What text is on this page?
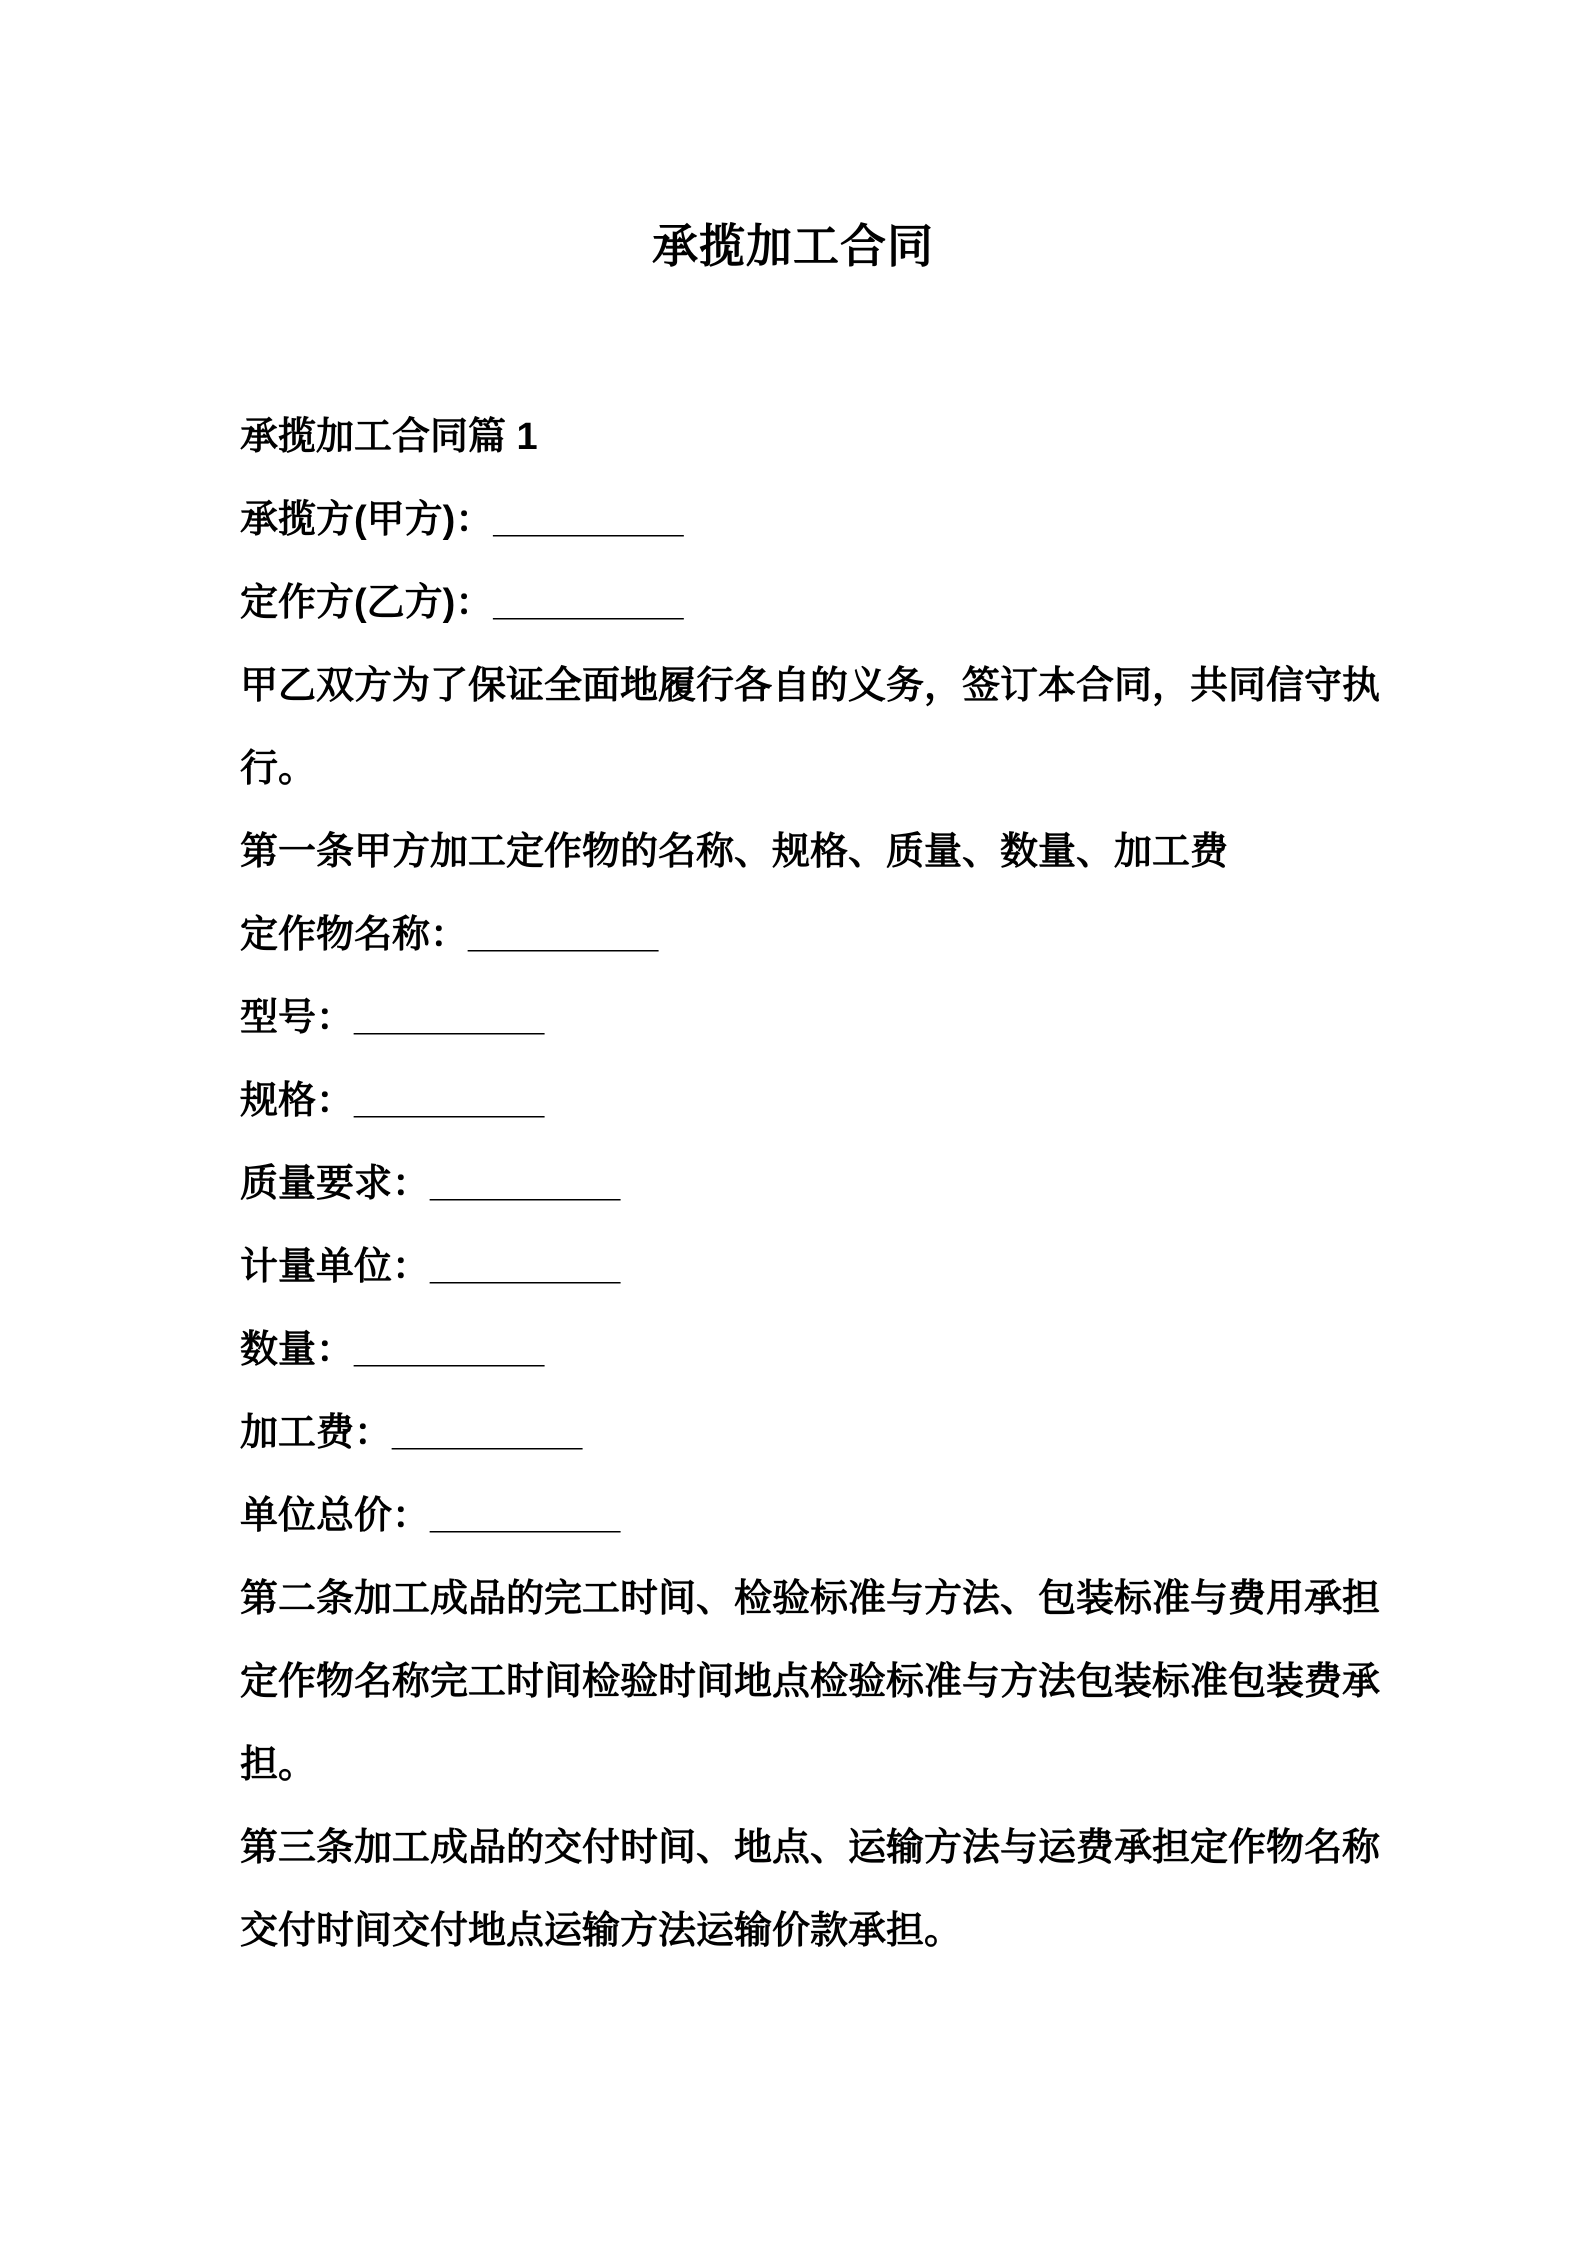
承揽加工合同

承揽加工合同篇 1

承揽方(甲方)：_________

定作方(乙方)：_________

甲乙双方为了保证全面地履行各自的义务，签订本合同，共同信守执行。

第一条甲方加工定作物的名称、规格、质量、数量、加工费

定作物名称：_________

型号：_________

规格：_________

质量要求：_________

计量单位：_________

数量：_________

加工费：_________

单位总价：_________

第二条加工成品的完工时间、检验标准与方法、包装标准与费用承担定作物名称完工时间检验时间地点检验标准与方法包装标准包装费承担。

第三条加工成品的交付时间、地点、运输方法与运费承担定作物名称交付时间交付地点运输方法运输价款承担。
